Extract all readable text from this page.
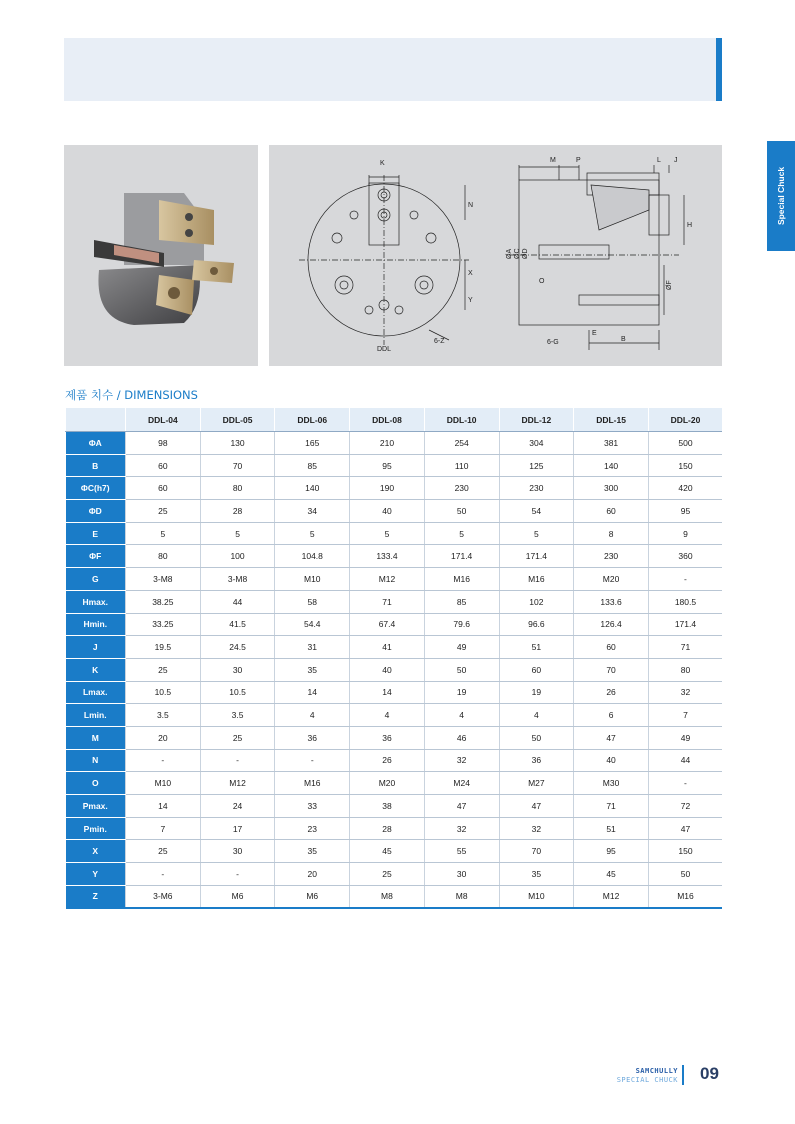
Special Chuck
K
N
X
Y
6-Z
DDL
M	P	L J
H
ØA ØC ØD
O	ØF
6-G
E
B
제품 치수 / DIMENSIONS
	DDL-04	DDL-05	DDL-06	DDL-08	DDL-10	DDL-12	DDL-15	DDL-20
ΦA	98	130	165	210	254	304	381	500
B	60	70	85	95	110	125	140	150
ΦC(h7)	60	80	140	190	230	230	300	420
ΦD	25	28	34	40	50	54	60	95
E	5	5	5	5	5	5	8	9
ΦF	80	100	104.8	133.4	171.4	171.4	230	360
G	3-M8	3-M8	M10	M12	M16	M16	M20	-
Hmax.	38.25	44	58	71	85	102	133.6	180.5
Hmin.	33.25	41.5	54.4	67.4	79.6	96.6	126.4	171.4
J	19.5	24.5	31	41	49	51	60	71
K	25	30	35	40	50	60	70	80
Lmax.	10.5	10.5	14	14	19	19	26	32
Lmin.	3.5	3.5	4	4	4	4	6	7
M	20	25	36	36	46	50	47	49
N	-	-	-	26	32	36	40	44
O	M10	M12	M16	M20	M24	M27	M30	-
Pmax.	14	24	33	38	47	47	71	72
Pmin.	7	17	23	28	32	32	51	47
X	25	30	35	45	55	70	95	150
Y	-	-	20	25	30	35	45	50
Z	3-M6	M6	M6	M8	M8	M10	M12	M16
SAMCHULLY
SPECIAL CHUCK 09
